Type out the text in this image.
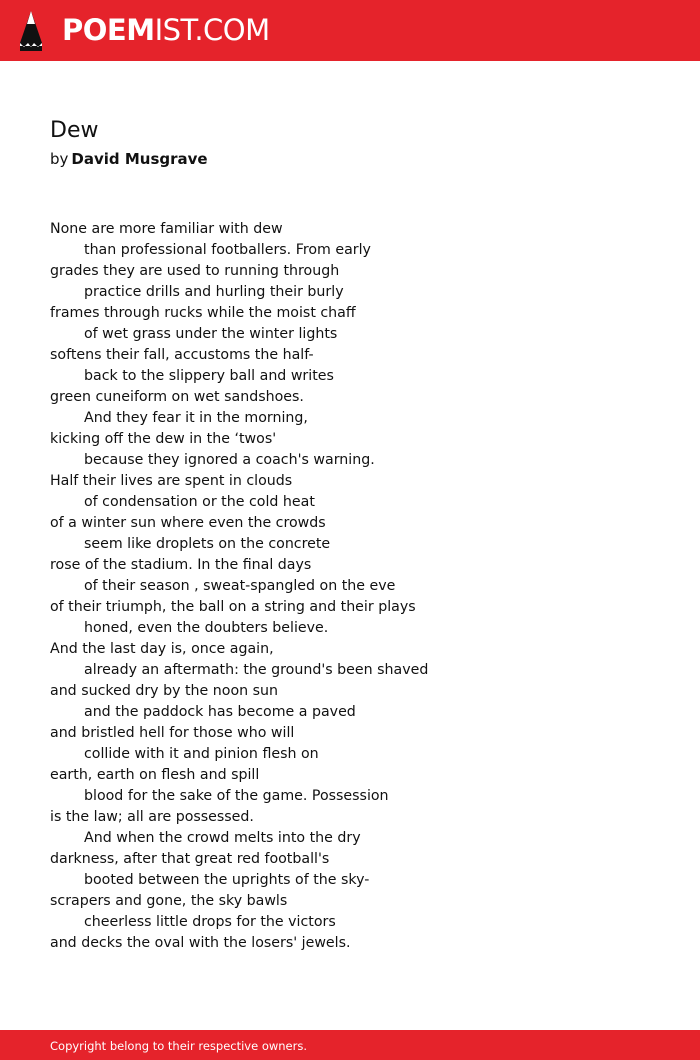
POEMIST.COM
Dew
by David Musgrave
None are more familiar with dew
than professional footballers. From early
grades they are used to running through
practice drills and hurling their burly
frames through rucks while the moist chaff
of wet grass under the winter lights
softens their fall, accustoms the half-
back to the slippery ball and writes
green cuneiform on wet sandshoes.
And they fear it in the morning,
kicking off the dew in the ‘twos'
because they ignored a coach's warning.
Half their lives are spent in clouds
of condensation or the cold heat
of a winter sun where even the crowds
seem like droplets on the concrete
rose of the stadium. In the final days
of their season , sweat-spangled on the eve
of their triumph, the ball on a string and their plays
honed, even the doubters believe.
And the last day is, once again,
already an aftermath: the ground's been shaved
and sucked dry by the noon sun
and the paddock has become a paved
and bristled hell for those who will
collide with it and pinion flesh on
earth, earth on flesh and spill
blood for the sake of the game. Possession
is the law; all are possessed.
And when the crowd melts into the dry
darkness, after that great red football's
booted between the uprights of the sky-
scrapers and gone, the sky bawls
cheerless little drops for the victors
and decks the oval with the losers' jewels.
Copyright belong to their respective owners.
